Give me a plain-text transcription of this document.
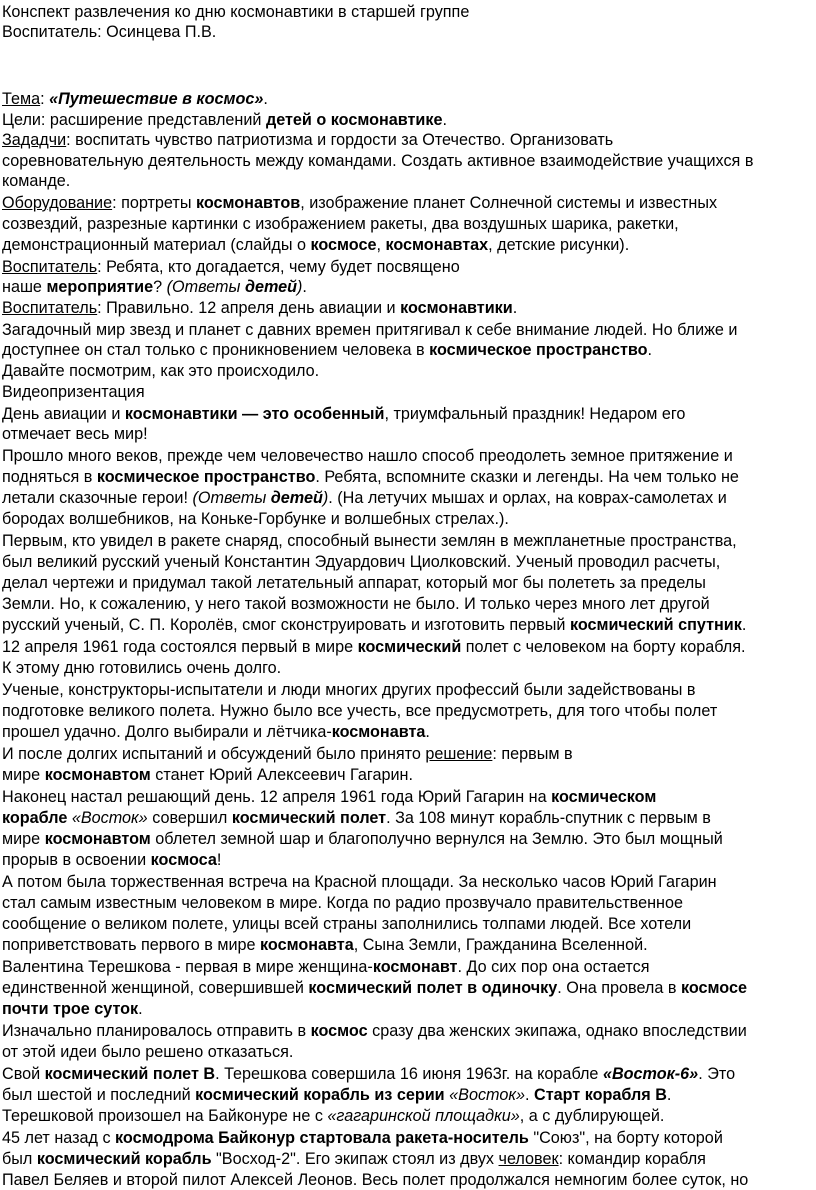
Конспект развлечения ко дню космонавтики в старшей группе
Воспитатель: Осинцева П.В.
Тема: «Путешествие в космос».
Цели: расширение представлений детей о космонавтике.
Зададчи: воспитать чувство патриотизма и гордости за Отечество. Организовать
соревновательную деятельность между командами. Создать активное взаимодействие учащихся в
команде.
Оборудование: портреты космонавтов, изображение планет Солнечной системы и известных
созвездий, разрезные картинки с изображением ракеты, два воздушных шарика, ракетки,
демонстрационный материал (слайды о космосе, космонавтах, детские рисунки).
Воспитатель: Ребята, кто догадается, чему будет посвящено
наше мероприятие? (Ответы детей).
Воспитатель: Правильно. 12 апреля день авиации и космонавтики.
Загадочный мир звезд и планет с давних времен притягивал к себе внимание людей. Но ближе и
доступнее он стал только с проникновением человека в космическое пространство.
Давайте посмотрим, как это происходило.
Видеопризентация
День авиации и космонавтики — это особенный, триумфальный праздник! Недаром его
отмечает весь мир!
Прошло много веков, прежде чем человечество нашло способ преодолеть земное притяжение и
подняться в космическое пространство. Ребята, вспомните сказки и легенды. На чем только не
летали сказочные герои! (Ответы детей). (На летучих мышах и орлах, на коврах-самолетах и
бородах волшебников, на Коньке-Горбунке и волшебных стрелах.).
Первым, кто увидел в ракете снаряд, способный вынести землян в межпланетные пространства,
был великий русский ученый Константин Эдуардович Циолковский. Ученый проводил расчеты,
делал чертежи и придумал такой летательный аппарат, который мог бы полететь за пределы
Земли. Но, к сожалению, у него такой возможности не было. И только через много лет другой
русский ученый, С. П. Королёв, смог сконструировать и изготовить первый космический спутник.
12 апреля 1961 года состоялся первый в мире космический полет с человеком на борту корабля.
К этому дню готовились очень долго.
Ученые, конструкторы-испытатели и люди многих других профессий были задействованы в
подготовке великого полета. Нужно было все учесть, все предусмотреть, для того чтобы полет
прошел удачно. Долго выбирали и лётчика-космонавта.
И после долгих испытаний и обсуждений было принято решение: первым в
мире космонавтом станет Юрий Алексеевич Гагарин.
Наконец настал решающий день. 12 апреля 1961 года Юрий Гагарин на космическом
корабле «Восток» совершил космический полет. За 108 минут корабль-спутник с первым в
мире космонавтом облетел земной шар и благополучно вернулся на Землю. Это был мощный
прорыв в освоении космоса!
А потом была торжественная встреча на Красной площади. За несколько часов Юрий Гагарин
стал самым известным человеком в мире. Когда по радио прозвучало правительственное
сообщение о великом полете, улицы всей страны заполнились толпами людей. Все хотели
поприветствовать первого в мире космонавта, Сына Земли, Гражданина Вселенной.
Валентина Терешкова - первая в мире женщина-космонавт. До сих пор она остается
единственной женщиной, совершившей космический полет в одиночку. Она провела в космосе
почти трое суток.
Изначально планировалось отправить в космос сразу два женских экипажа, однако впоследствии
от этой идеи было решено отказаться.
Свой космический полет В. Терешкова совершила 16 июня 1963г. на корабле «Восток-6». Это
был шестой и последний космический корабль из серии «Восток». Старт корабля В.
Терешковой произошел на Байконуре не с «гагаринской площадки», а с дублирующей.
45 лет назад с космодрома Байконур стартовала ракета-носитель "Союз", на борту которой
был космический корабль "Восход-2". Его экипаж стоял из двух человек: командир корабля
Павел Беляев и второй пилот Алексей Леонов. Весь полет продолжался немногим более суток, но
